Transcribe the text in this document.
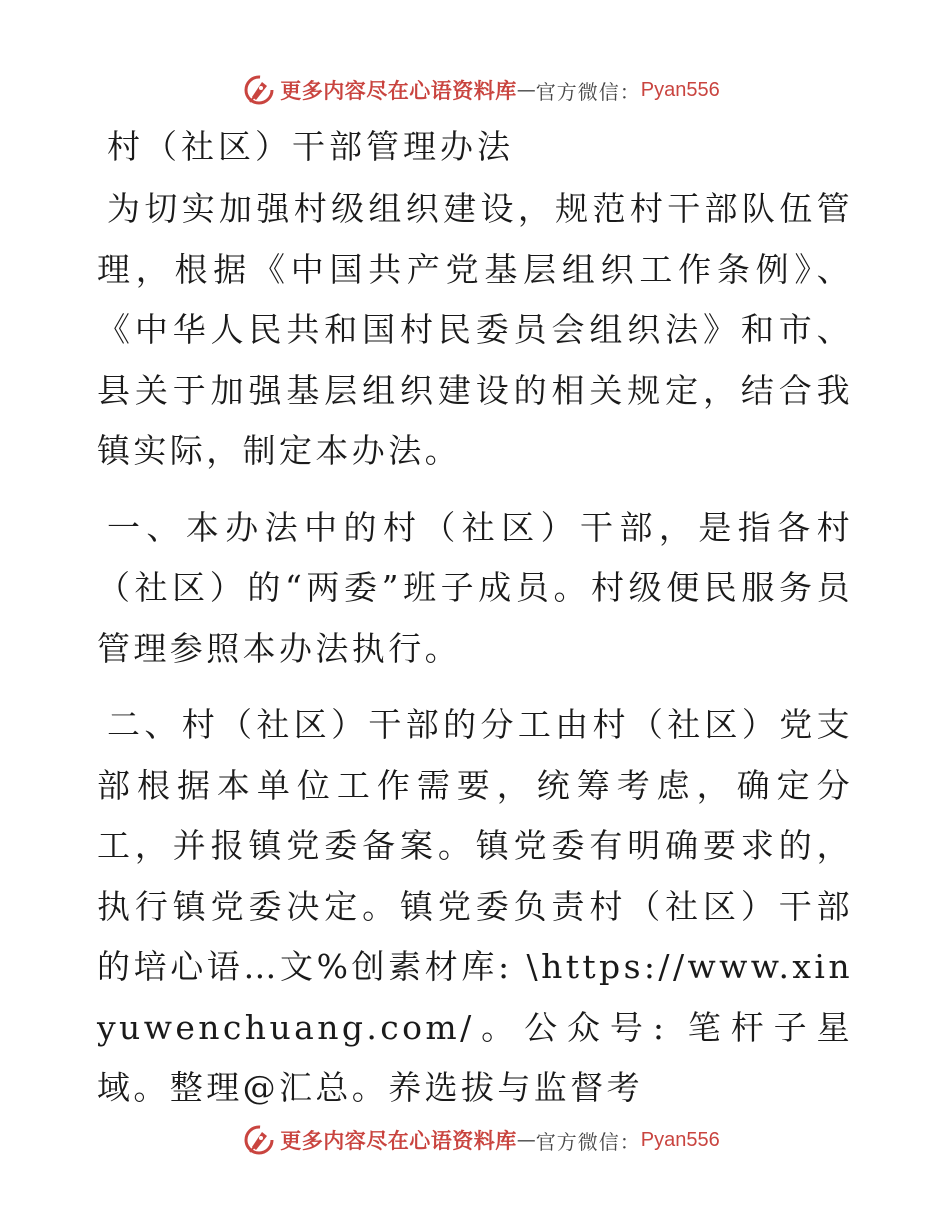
更多内容尽在心语资料库 — 官方微信： Pyan556
村（社区）干部管理办法

为切实加强村级组织建设，规范村干部队伍管理，根据《中国共产党基层组织工作条例》、《中华人民共和国村民委员会组织法》和市、县关于加强基层组织建设的相关规定，结合我镇实际，制定本办法。

一、本办法中的村（社区）干部，是指各村（社区）的“两委”班子成员。村级便民服务员管理参照本办法执行。

二、村（社区）干部的分工由村（社区）党支部根据本单位工作需要，统筹考虑，确定分工，并报镇党委备案。镇党委有明确要求的，执行镇党委决定。镇党委负责村（社区）干部的培心语…文%创素材库: \https://www.xinyuwenchuang.com/。公众号: 笔杆子星域。整理@汇总。养选拔与监督考

更多内容尽在心语资料库 — 官方微信： Pyan556
